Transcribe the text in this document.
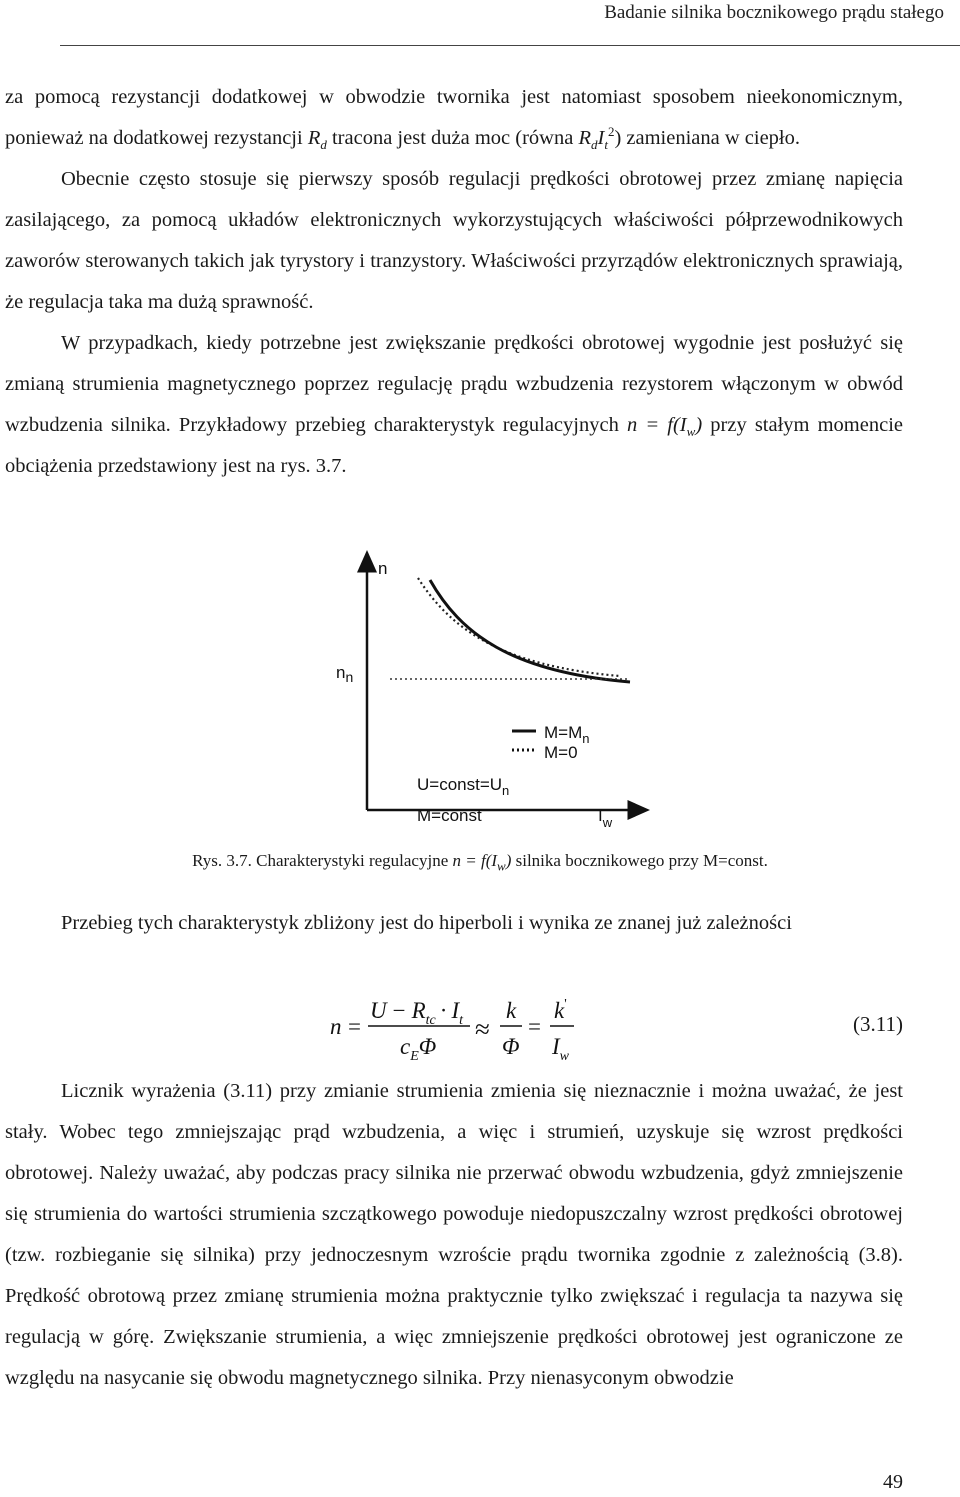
Badanie silnika bocznikowego prądu stałego

za pomocą rezystancji dodatkowej w obwodzie twornika jest natomiast sposobem nieekonomicznym, ponieważ na dodatkowej rezystancji $R_d$ tracona jest duża moc (równa $R_dI_t^2$) zamieniana w ciepło.

Obecnie często stosuje się pierwszy sposób regulacji prędkości obrotowej przez zmianę napięcia zasilającego, za pomocą układów elektronicznych wykorzystujących właściwości półprzewodnikowych zaworów sterowanych takich jak tyrystory i tranzystory. Właściwości przyrządów elektronicznych sprawiają, że regulacja taka ma dużą sprawność.

W przypadkach, kiedy potrzebne jest zwiększanie prędkości obrotowej wygodnie jest posłużyć się zmianą strumienia magnetycznego poprzez regulację prądu wzbudzenia rezystorem włączonym w obwód wzbudzenia silnika. Przykładowy przebieg charakterystyk regulacyjnych $n = f(I_w)$ przy stałym momencie obciążenia przedstawiony jest na rys. 3.7.

n
$n_n$
$I_w$
$M=M_n$
M=0
$U=const=U_n$
M=const
Rys. 3.7. Charakterystyki regulacyjne $n = f(I_w)$ silnika bocznikowego przy M=const.

Przebieg tych charakterystyk zbliżony jest do hiperboli i wynika ze znanej już zależności

n =
$U - R_{tc} \cdot I_t$
$c_E\Phi$
≈
k
Φ
=
k'
$I_w$
(3.11)

Licznik wyrażenia (3.11) przy zmianie strumienia zmienia się nieznacznie i można uważać, że jest stały. Wobec tego zmniejszając prąd wzbudzenia, a więc i strumień, uzyskuje się wzrost prędkości obrotowej. Należy uważać, aby podczas pracy silnika nie przerwać obwodu wzbudzenia, gdyż zmniejszenie się strumienia do wartości strumienia szczątkowego powoduje niedopuszczalny wzrost prędkości obrotowej (tzw. rozbieganie się silnika) przy jednoczesnym wzroście prądu twornika zgodnie z zależnością (3.8). Prędkość obrotową przez zmianę strumienia można praktycznie tylko zwiększać i regulacja ta nazywa się regulacją w górę. Zwiększanie strumienia, a więc zmniejszenie prędkości obrotowej jest ograniczone ze względu na nasycanie się obwodu magnetycznego silnika. Przy nienasyconym obwodzie

49
